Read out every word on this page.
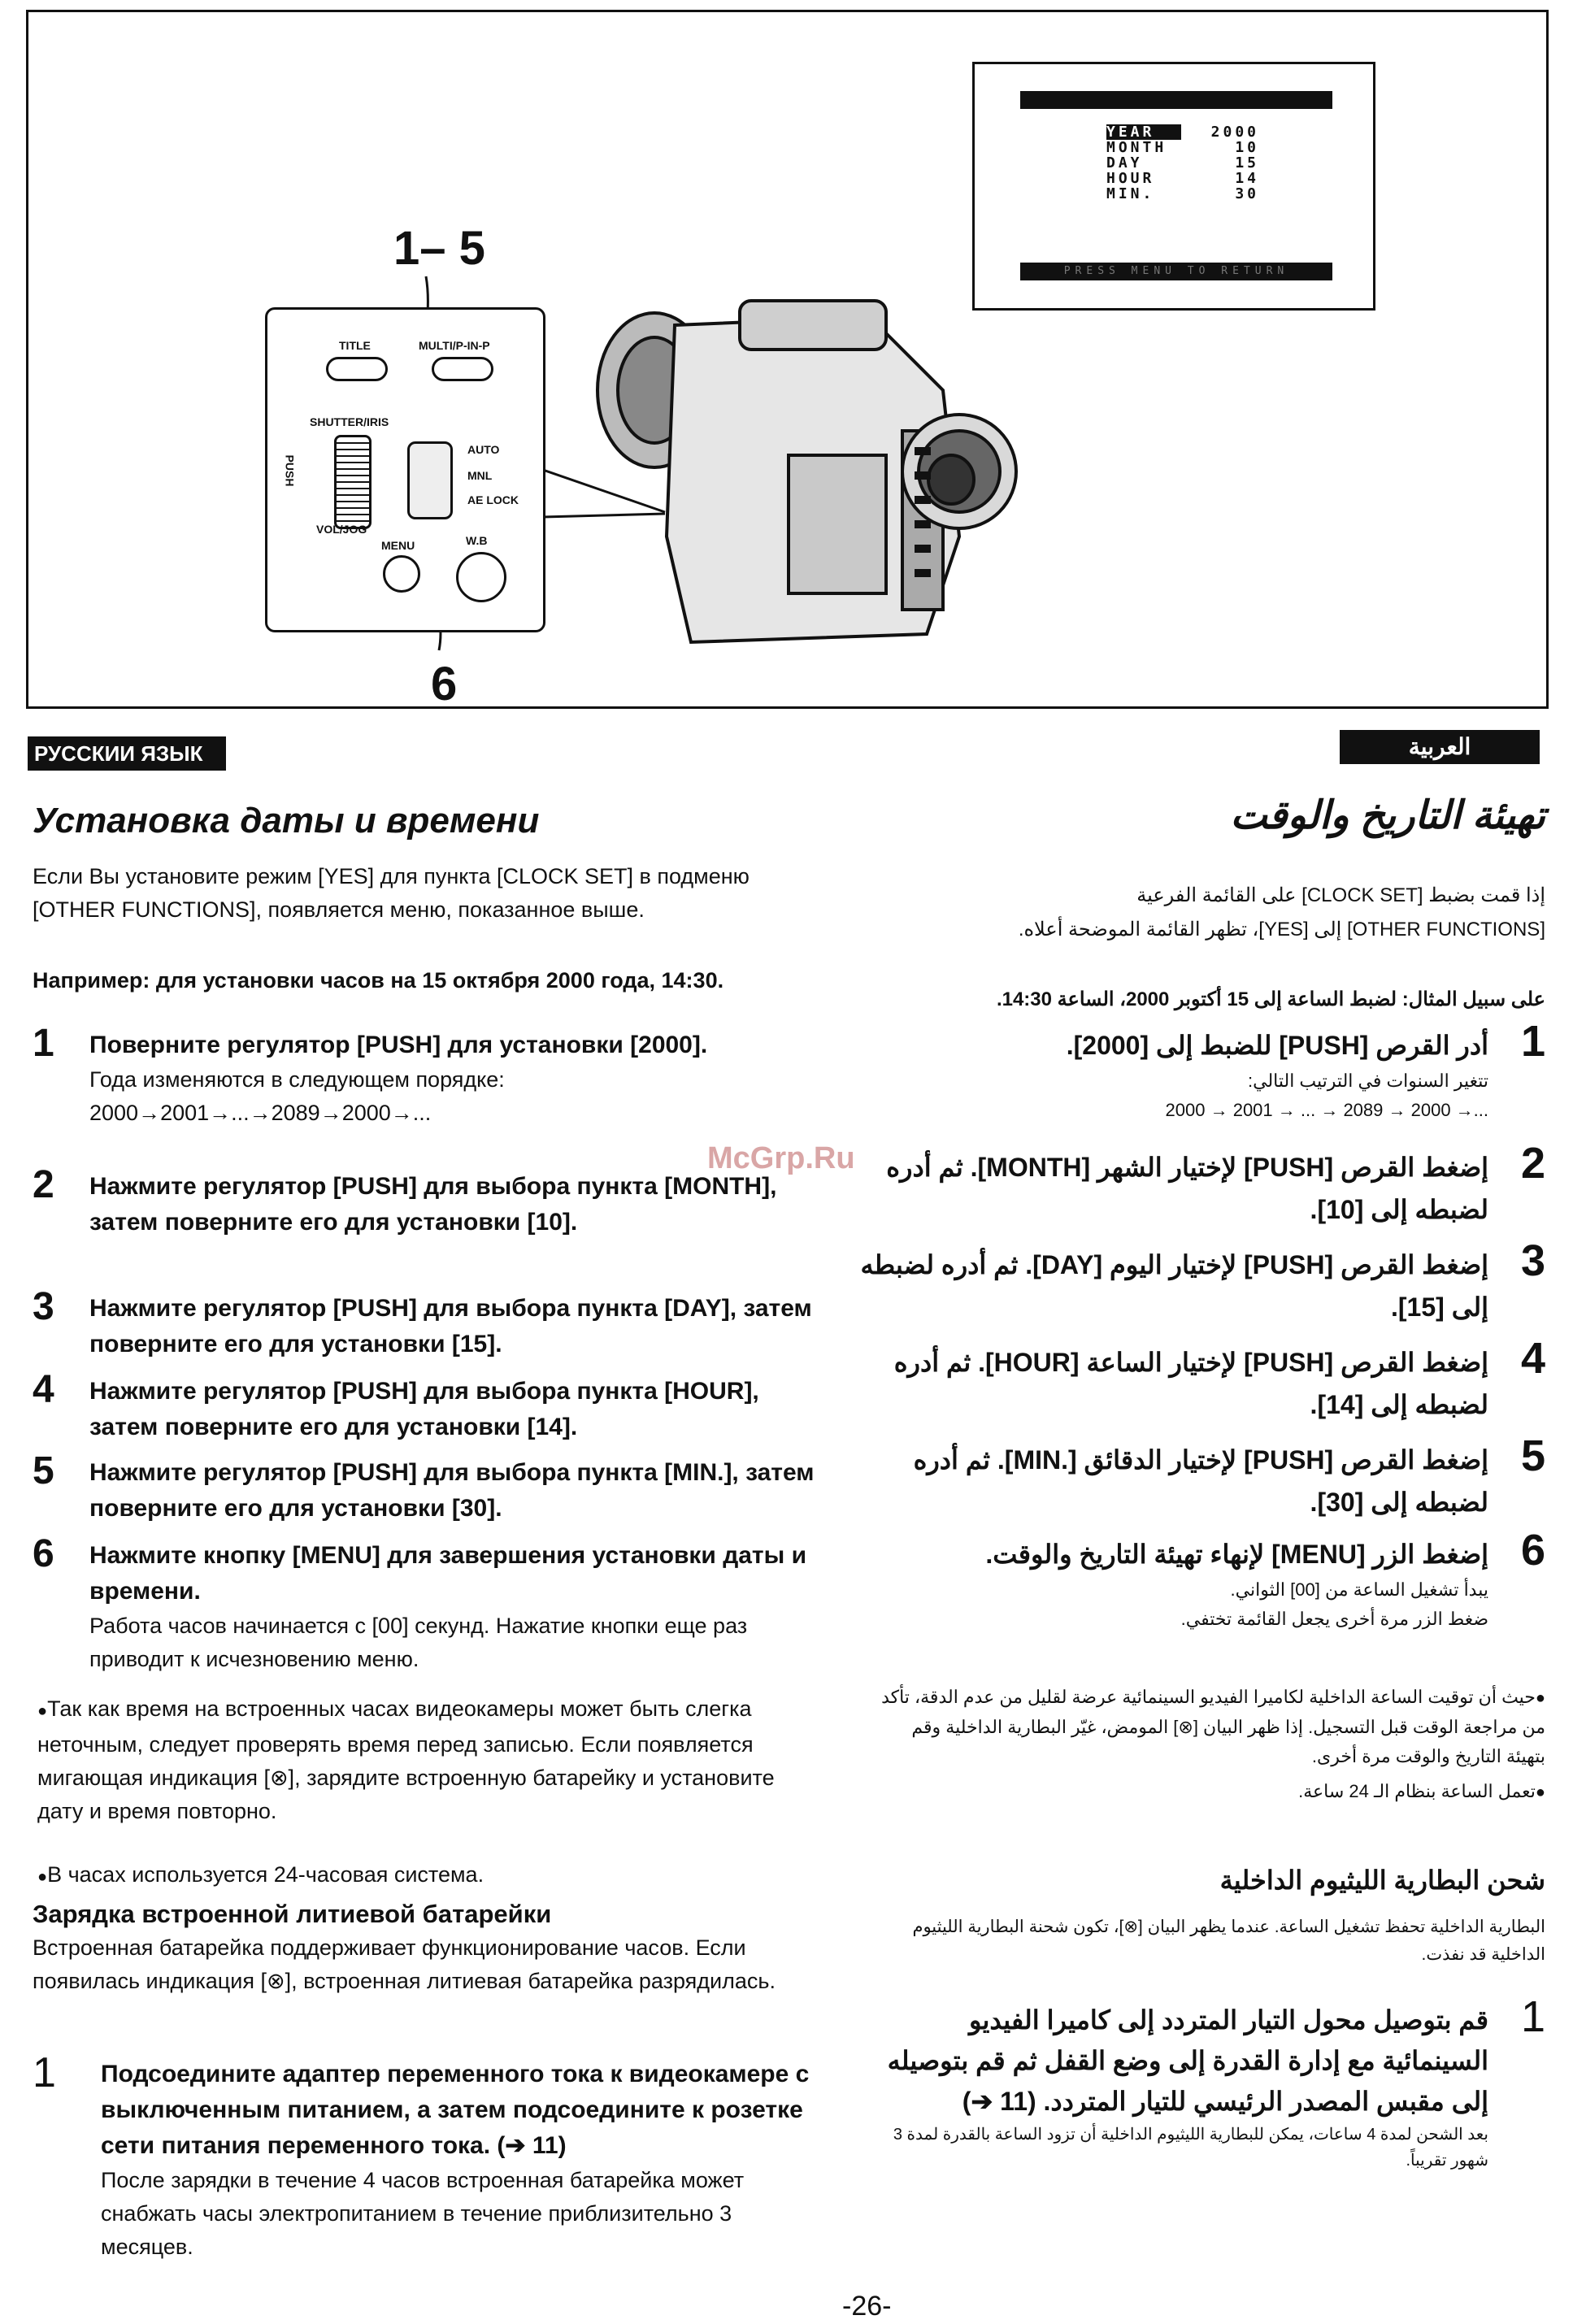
YEAR	2000
MONTH	10
DAY	15
HOUR	14
MIN.	30
PRESS MENU TO RETURN
1– 5
6
TITLE	MULTI/P-IN-P
SHUTTER/IRIS
PUSH
VOL/JOG
AUTO
MNL
AE LOCK
MENU	W.B
РУССКИИ ЯЗЫК	العربية
Установка даты и времени
Если Вы установите режим [YES] для пункта [CLOCK SET] в подменю [OTHER FUNCTIONS], появляется меню, показанное выше.
Например: для установки часов на 15 октября 2000 года, 14:30.
1 Поверните регулятор [PUSH] для установки [2000].
Года изменяются в следующем порядке:
2000→2001→...→2089→2000→...
2 Нажмите регулятор [PUSH] для выбора пункта [MONTH], затем поверните его для установки [10].
3 Нажмите регулятор [PUSH] для выбора пункта [DAY], затем поверните его для установки [15].
4 Нажмите регулятор [PUSH] для выбора пункта [HOUR], затем поверните его для установки [14].
5 Нажмите регулятор [PUSH] для выбора пункта [MIN.], затем поверните его для установки [30].
6 Нажмите кнопку [MENU] для завершения установки даты и времени.
Работа часов начинается с [00] секунд. Нажатие кнопки еще раз приводит к исчезновению меню.
●Так как время на встроенных часах видеокамеры может быть слегка неточным, следует проверять время перед записью. Если появляется мигающая индикация [⊗], зарядите встроенную батарейку и установите дату и время повторно.
●В часах используется 24-часовая система.
Зарядка встроенной литиевой батарейки
Встроенная батарейка поддерживает функционирование часов. Если появилась индикация [⊗], встроенная литиевая батарейка разрядилась.
1 Подсоедините адаптер переменного тока к видеокамере с выключенным питанием, а затем подсоедините к розетке сети питания переменного тока. (➔ 11)
После зарядки в течение 4 часов встроенная батарейка может снабжать часы электропитанием в течение приблизительно 3 месяцев.
تهيئة التاريخ والوقت
إذا قمت بضبط [CLOCK SET] على القائمة الفرعية
[OTHER FUNCTIONS] إلى [YES]، تظهر القائمة الموضحة أعلاه.
على سبيل المثال: لضبط الساعة إلى 15 أكتوبر 2000، الساعة 14:30.
1
أدر القرص [PUSH] للضبط إلى [2000].
تتغير السنوات في الترتيب التالي:
2000 → 2001 → ... → 2089 → 2000 →...
2
إضغط القرص [PUSH] لإختيار الشهر [MONTH]. ثم أدره لضبطه إلى [10].
3
إضغط القرص [PUSH] لإختيار اليوم [DAY]. ثم أدره لضبطه إلى [15].
4
إضغط القرص [PUSH] لإختيار الساعة [HOUR]. ثم أدره لضبطه إلى [14].
5
إضغط القرص [PUSH] لإختيار الدقائق [.MIN]. ثم أدره لضبطه إلى [30].
6
إضغط الزر [MENU] لإنهاء تهيئة التاريخ والوقت.
يبدأ تشغيل الساعة من [00] الثواني.
ضغط الزر مرة أخرى يجعل القائمة تختفي.
●حيث أن توقيت الساعة الداخلية لكاميرا الفيديو السينمائية عرضة لقليل من عدم الدقة، تأكد من مراجعة الوقت قبل التسجيل. إذا ظهر البيان [⊗] المومض، غيّر البطارية الداخلية وقم بتهيئة التاريخ والوقت مرة أخرى.
●تعمل الساعة بنظام الـ 24 ساعة.
شحن البطارية الليثيوم الداخلية
البطارية الداخلية تحفظ تشغيل الساعة. عندما يظهر البيان [⊗]، تكون شحنة البطارية الليثيوم الداخلية قد نفذت.
1
قم بتوصيل محول التيار المتردد إلى كاميرا الفيديو السينمائية مع إدارة القدرة إلى وضع القفل ثم قم بتوصيله إلى مقبس المصدر الرئيسي للتيار المتردد. (11 ➔)
بعد الشحن لمدة 4 ساعات، يمكن للبطارية الليثيوم الداخلية أن تزود الساعة بالقدرة لمدة 3 شهور تقريباً.
McGrp.Ru
-26-
